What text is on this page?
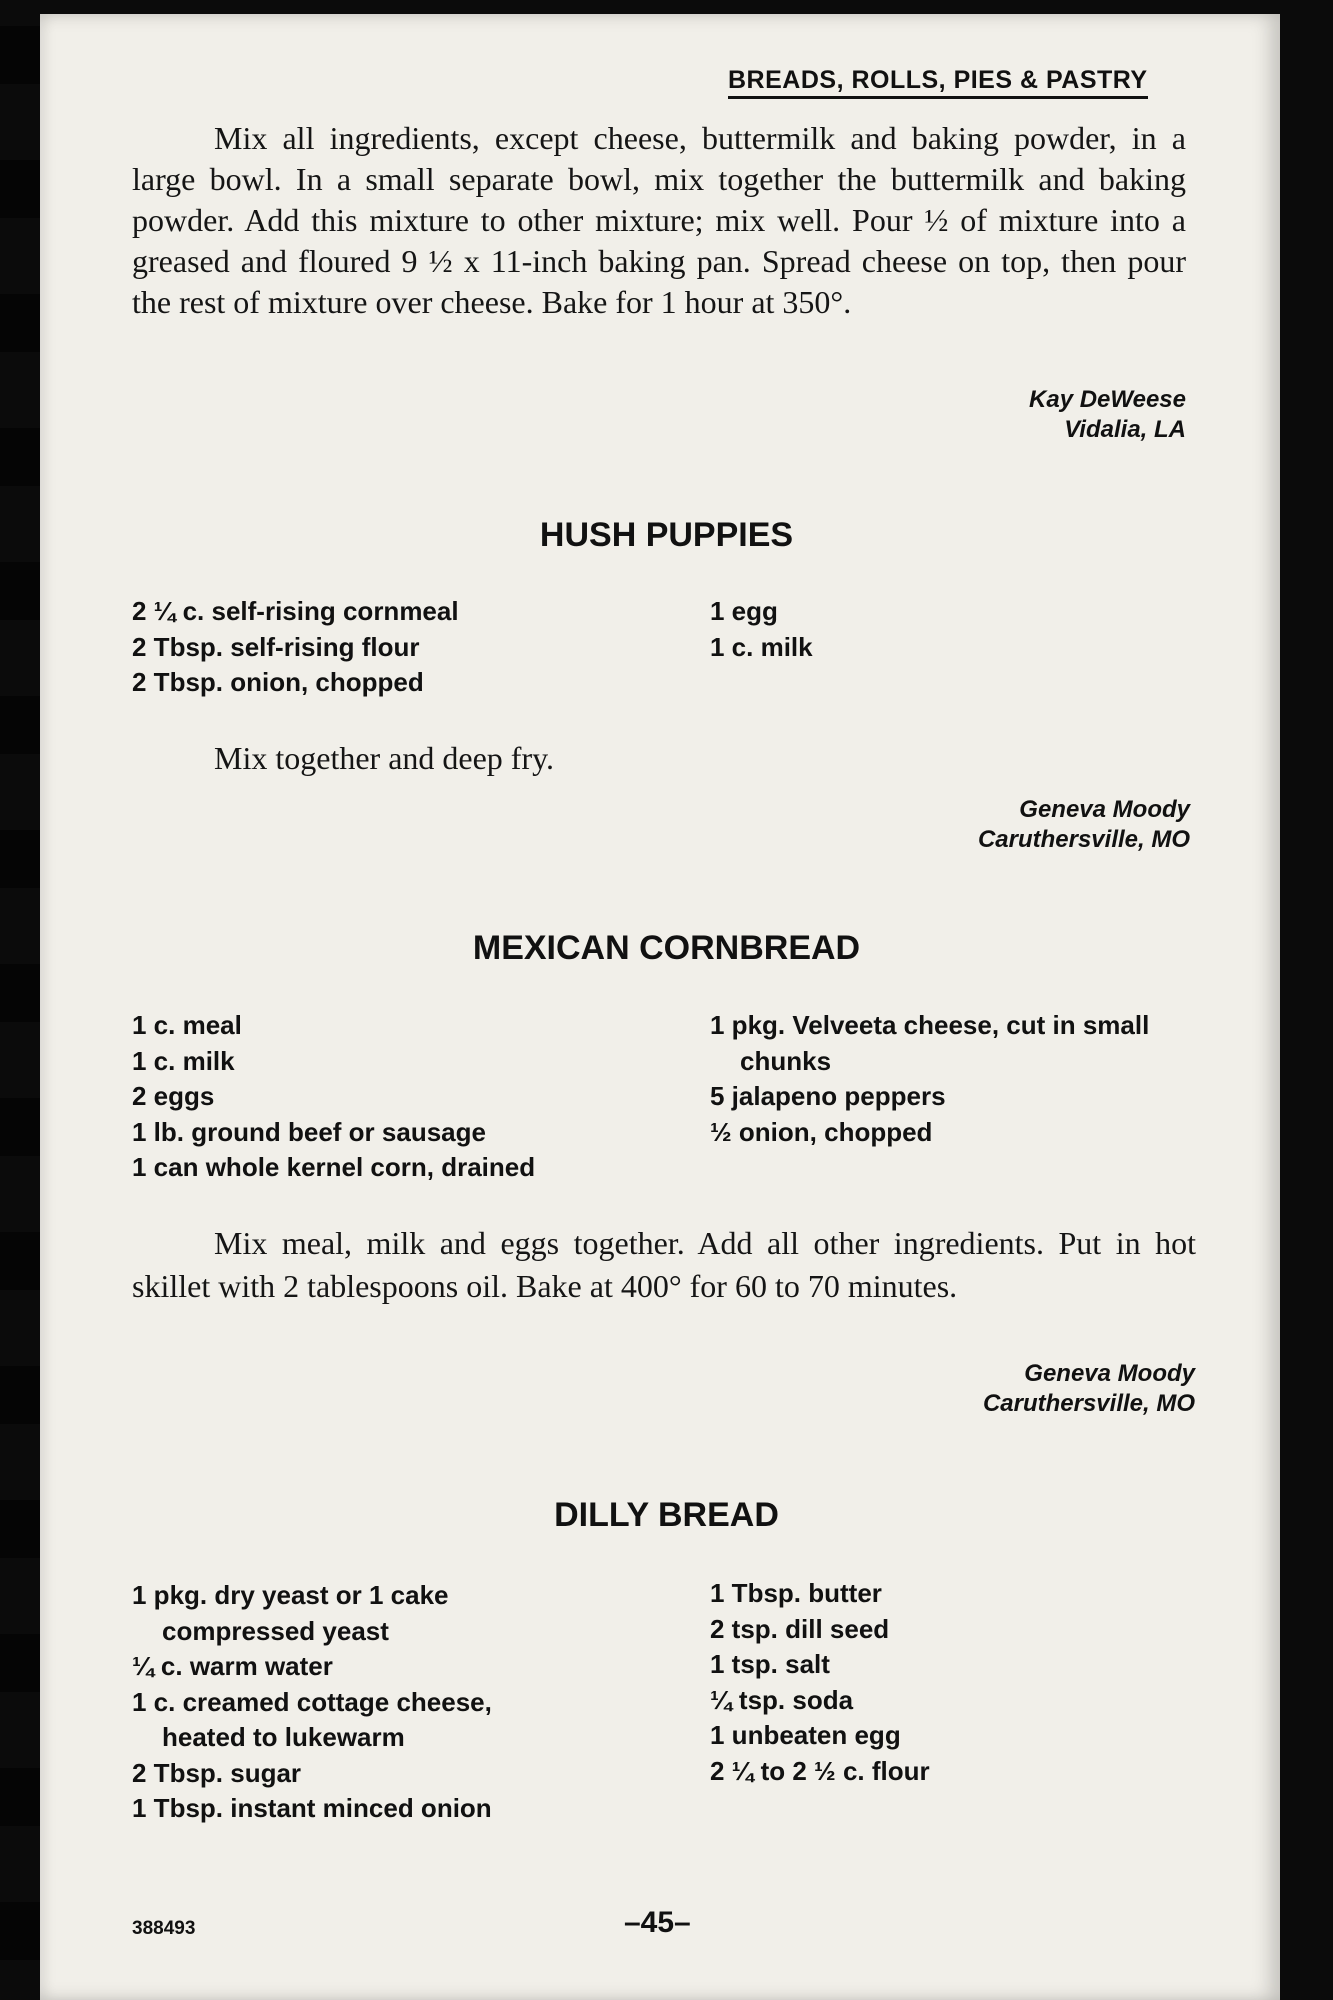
BREADS, ROLLS, PIES & PASTRY
Mix all ingredients, except cheese, buttermilk and baking powder, in a large bowl. In a small separate bowl, mix together the buttermilk and baking powder. Add this mixture to other mixture; mix well. Pour ½ of mixture into a greased and floured 9 ½ x 11-inch baking pan. Spread cheese on top, then pour the rest of mixture over cheese. Bake for 1 hour at 350°.
Kay DeWeese
Vidalia, LA
HUSH PUPPIES
2 ¼ c. self-rising cornmeal
2 Tbsp. self-rising flour
2 Tbsp. onion, chopped
1 egg
1 c. milk
Mix together and deep fry.
Geneva Moody
Caruthersville, MO
MEXICAN CORNBREAD
1 c. meal
1 c. milk
2 eggs
1 lb. ground beef or sausage
1 can whole kernel corn, drained
1 pkg. Velveeta cheese, cut in small
chunks
5 jalapeno peppers
½ onion, chopped
Mix meal, milk and eggs together. Add all other ingredients. Put in hot skillet with 2 tablespoons oil. Bake at 400° for 60 to 70 minutes.
Geneva Moody
Caruthersville, MO
DILLY BREAD
1 pkg. dry yeast or 1 cake
compressed yeast
¼ c. warm water
1 c. creamed cottage cheese,
heated to lukewarm
2 Tbsp. sugar
1 Tbsp. instant minced onion
1 Tbsp. butter
2 tsp. dill seed
1 tsp. salt
¼ tsp. soda
1 unbeaten egg
2 ¼ to 2 ½ c. flour
388493	–45–
